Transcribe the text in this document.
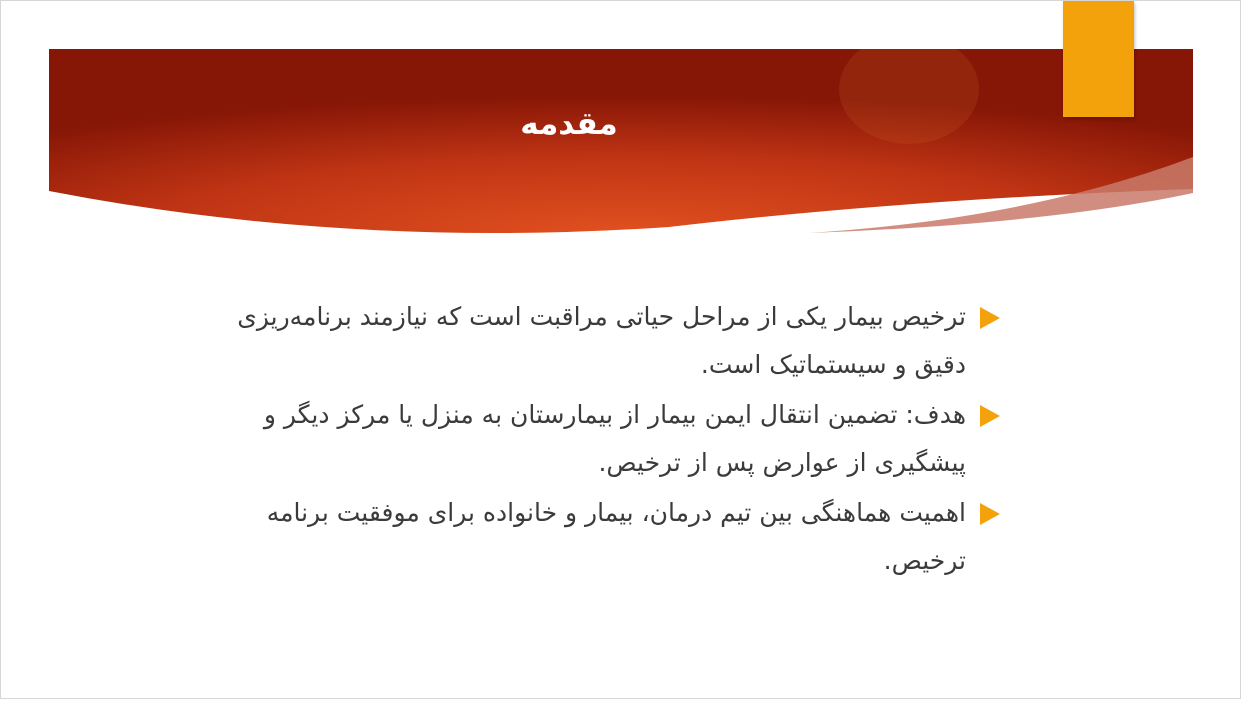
مقدمه
ترخیص بیمار یکی از مراحل حیاتی مراقبت است که نیازمند برنامه‌ریزی دقیق و سیستماتیک است.
هدف: تضمین انتقال ایمن بیمار از بیمارستان به منزل یا مرکز دیگر و پیشگیری از عوارض پس از ترخیص.
اهمیت هماهنگی بین تیم درمان، بیمار و خانواده برای موفقیت برنامه ترخیص.
